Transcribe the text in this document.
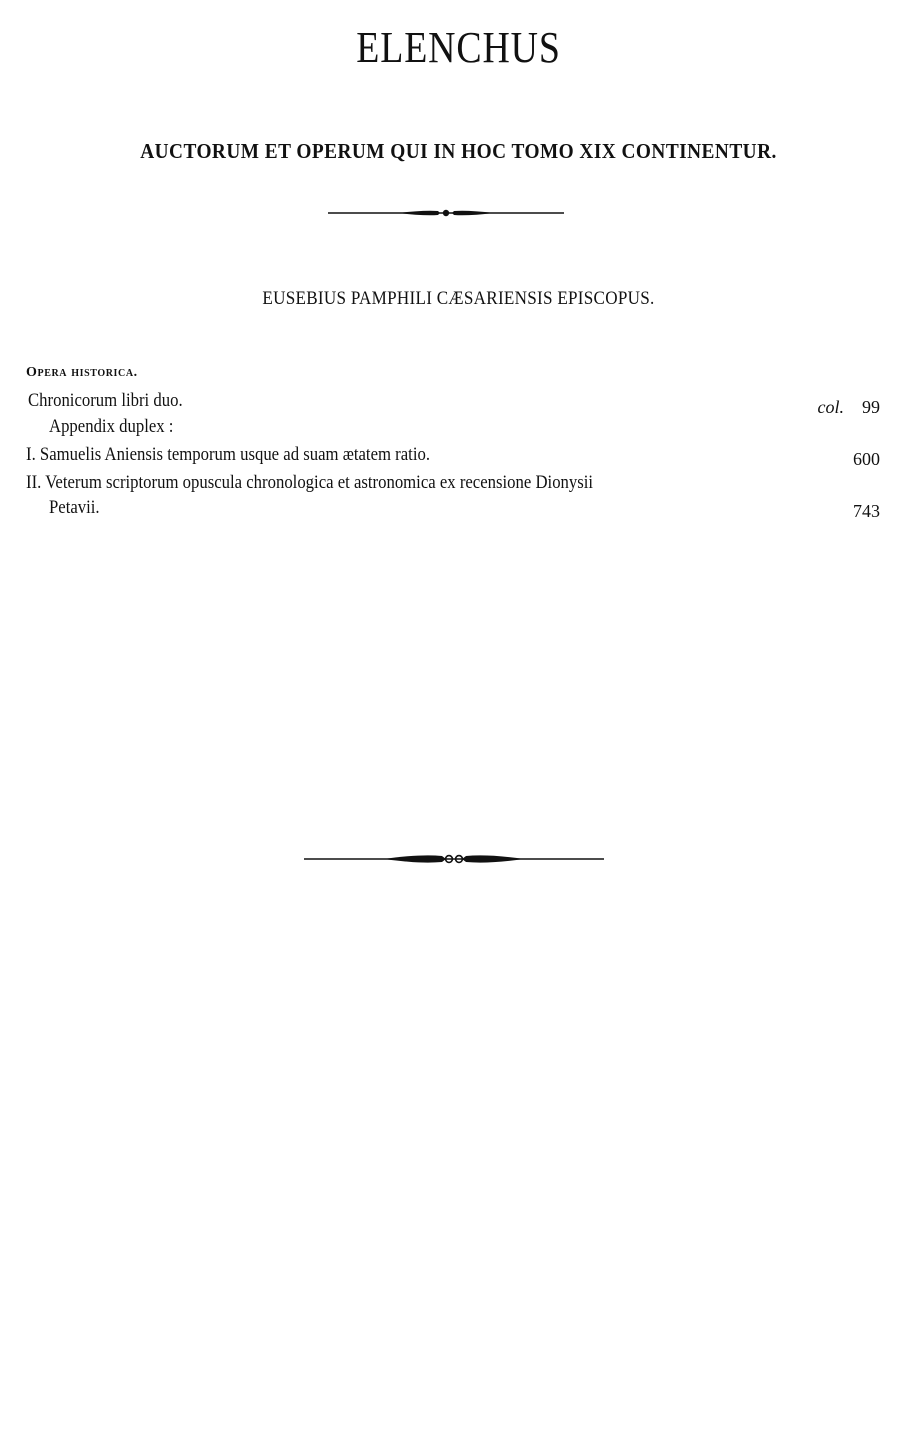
ELENCHUS
AUCTORUM ET OPERUM QUI IN HOC TOMO XIX CONTINENTUR.
EUSEBIUS PAMPHILI CÆSARIENSIS EPISCOPUS.
Opera historica.
Chronicorum libri duo.	col. 99
Appendix duplex :
I. Samuelis Aniensis temporum usque ad suam ætatem ratio.	600
II. Veterum scriptorum opuscula chronologica et astronomica ex recensione Dionysii
Petavii.	743
